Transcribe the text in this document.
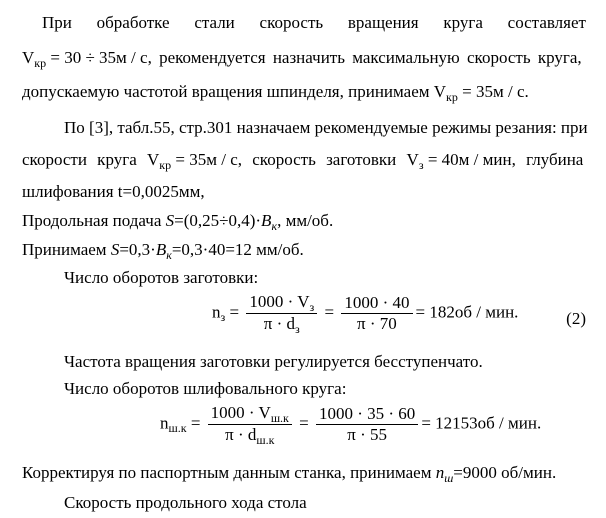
При обработке стали скорость вращения круга составляет
$V_{кр} = 30 \div 35м / с$, рекомендуется назначить максимальную скорость круга,
допускаемую частотой вращения шпинделя, принимаем $V_{кр} = 35м / с$.
По [3], табл.55, стр.301 назначаем рекомендуемые режимы резания: при
скорости круга $V_{кр} = 35м / с$, скорость заготовки $V_з = 40м$ / мин, глубина
шлифования t=0,0025мм,
Продольная подача $S=(0,25\div 0,4)\cdot B_к$, мм/об.
Принимаем $S=0,3\cdot B_к=0,3\cdot 40=12$ мм/об.
Число оборотов заготовки:
$n_з = \frac{1000 \cdot V_з}{\pi \cdot d_з} = \frac{1000 \cdot 40}{\pi \cdot 70} = 182об$ / мин.	(2)
Частота вращения заготовки регулируется бесступенчато.
Число оборотов шлифовального круга:
$n_{ш.к} = \frac{1000 \cdot V_{ш.к}}{\pi \cdot d_{ш.к}} = \frac{1000 \cdot 35 \cdot 60}{\pi \cdot 55} = 12153об$ / мин.
Корректируя по паспортным данным станка, принимаем $n_ш=9000$ об/мин.
Скорость продольного хода стола
